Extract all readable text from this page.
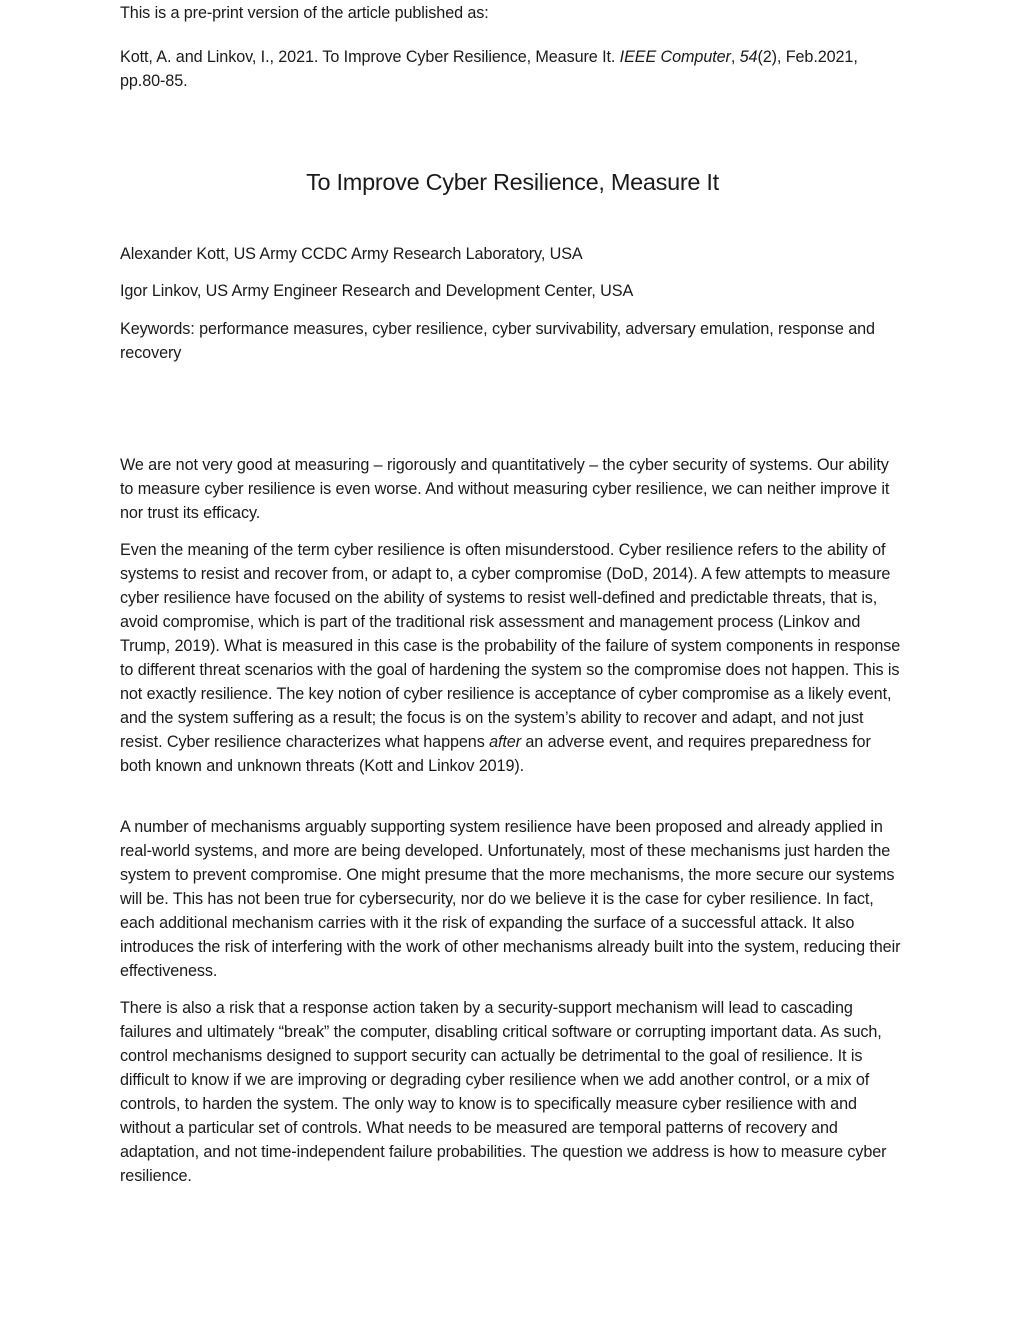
This is a pre-print version of the article published as:

Kott, A. and Linkov, I., 2021. To Improve Cyber Resilience, Measure It. IEEE Computer, 54(2), Feb.2021, pp.80-85.

To Improve Cyber Resilience, Measure It

Alexander Kott, US Army CCDC Army Research Laboratory, USA

Igor Linkov, US Army Engineer Research and Development Center, USA

Keywords: performance measures, cyber resilience, cyber survivability, adversary emulation, response and recovery

We are not very good at measuring – rigorously and quantitatively – the cyber security of systems. Our ability to measure cyber resilience is even worse. And without measuring cyber resilience, we can neither improve it nor trust its efficacy.

Even the meaning of the term cyber resilience is often misunderstood. Cyber resilience refers to the ability of systems to resist and recover from, or adapt to, a cyber compromise (DoD, 2014). A few attempts to measure cyber resilience have focused on the ability of systems to resist well-defined and predictable threats, that is, avoid compromise, which is part of the traditional risk assessment and management process (Linkov and Trump, 2019). What is measured in this case is the probability of the failure of system components in response to different threat scenarios with the goal of hardening the system so the compromise does not happen. This is not exactly resilience. The key notion of cyber resilience is acceptance of cyber compromise as a likely event, and the system suffering as a result; the focus is on the system’s ability to recover and adapt, and not just resist. Cyber resilience characterizes what happens after an adverse event, and requires preparedness for both known and unknown threats (Kott and Linkov 2019).

A number of mechanisms arguably supporting system resilience have been proposed and already applied in real-world systems, and more are being developed. Unfortunately, most of these mechanisms just harden the system to prevent compromise. One might presume that the more mechanisms, the more secure our systems will be. This has not been true for cybersecurity, nor do we believe it is the case for cyber resilience. In fact, each additional mechanism carries with it the risk of expanding the surface of a successful attack. It also introduces the risk of interfering with the work of other mechanisms already built into the system, reducing their effectiveness.

There is also a risk that a response action taken by a security-support mechanism will lead to cascading failures and ultimately “break” the computer, disabling critical software or corrupting important data. As such, control mechanisms designed to support security can actually be detrimental to the goal of resilience. It is difficult to know if we are improving or degrading cyber resilience when we add another control, or a mix of controls, to harden the system. The only way to know is to specifically measure cyber resilience with and without a particular set of controls. What needs to be measured are temporal patterns of recovery and adaptation, and not time-independent failure probabilities. The question we address is how to measure cyber resilience.
